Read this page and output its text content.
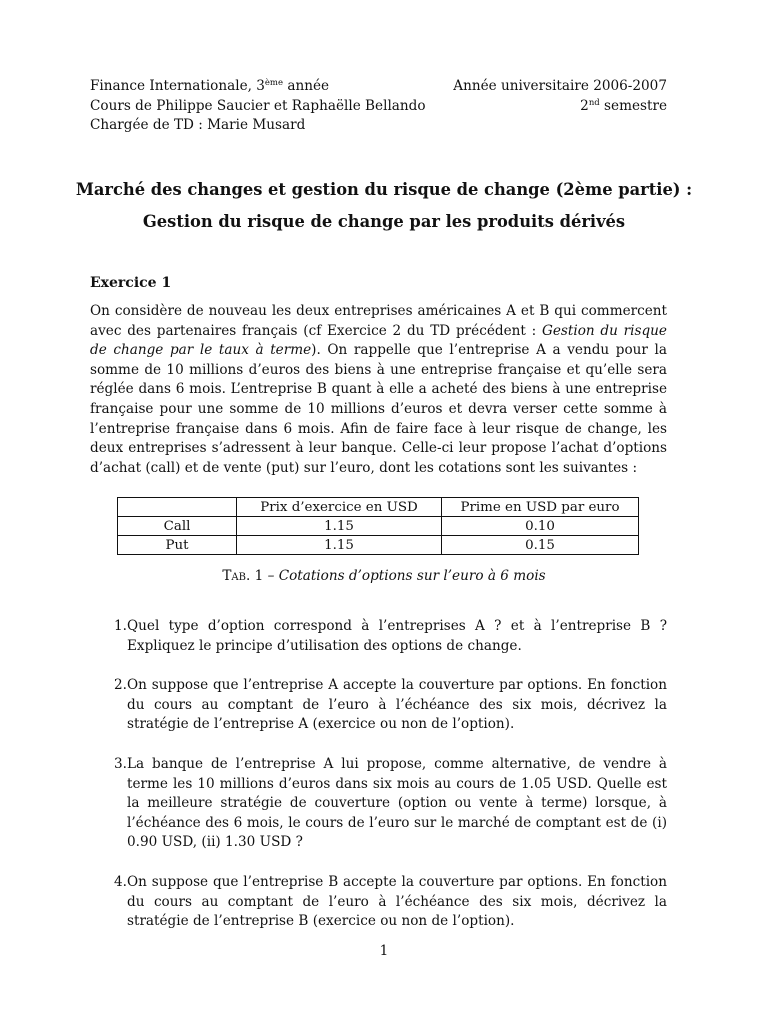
Finance Internationale, 3ème année	Année universitaire 2006-2007
Cours de Philippe Saucier et Raphaëlle Bellando	2nd semestre
Chargée de TD : Marie Musard
Marché des changes et gestion du risque de change (2ème partie) :
Gestion du risque de change par les produits dérivés
Exercice 1

On considère de nouveau les deux entreprises américaines A et B qui commercent avec des partenaires français (cf Exercice 2 du TD précédent : Gestion du risque de change par le taux à terme). On rappelle que l’entreprise A a vendu pour la somme de 10 millions d’euros des biens à une entreprise française et qu’elle sera réglée dans 6 mois. L’entreprise B quant à elle a acheté des biens à une entreprise française pour une somme de 10 millions d’euros et devra verser cette somme à l’entreprise française dans 6 mois. Afin de faire face à leur risque de change, les deux entreprises s’adressent à leur banque. Celle-ci leur propose l’achat d’options d’achat (call) et de vente (put) sur l’euro, dont les cotations sont les suivantes :

	Prix d’exercice en USD	Prime en USD par euro
Call	1.15	0.10
Put	1.15	0.15
Tab. 1 – Cotations d’options sur l’euro à 6 mois
1. Quel type d’option correspond à l’entreprises A ? et à l’entreprise B ? Expliquez le principe d’utilisation des options de change.
2. On suppose que l’entreprise A accepte la couverture par options. En fonction du cours au comptant de l’euro à l’échéance des six mois, décrivez la stratégie de l’entreprise A (exercice ou non de l’option).
3. La banque de l’entreprise A lui propose, comme alternative, de vendre à terme les 10 millions d’euros dans six mois au cours de 1.05 USD. Quelle est la meilleure stratégie de couverture (option ou vente à terme) lorsque, à l’échéance des 6 mois, le cours de l’euro sur le marché de comptant est de (i) 0.90 USD, (ii) 1.30 USD ?
4. On suppose que l’entreprise B accepte la couverture par options. En fonction du cours au comptant de l’euro à l’échéance des six mois, décrivez la stratégie de l’entreprise B (exercice ou non de l’option).
1
